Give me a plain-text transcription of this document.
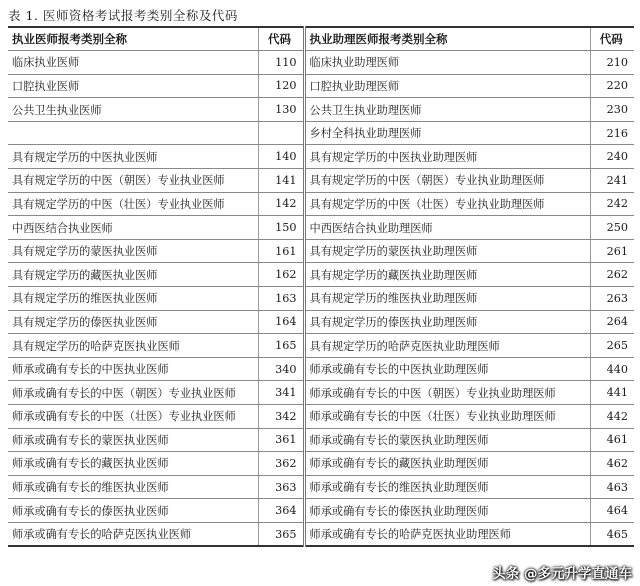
表 1. 医师资格考试报考类别全称及代码
执业医师报考类别全称	代码	执业助理医师报考类别全称	代码
临床执业医师	110	临床执业助理医师	210
口腔执业医师	120	口腔执业助理医师	220
公共卫生执业医师	130	公共卫生执业助理医师	230
		乡村全科执业助理医师	216
具有规定学历的中医执业医师	140	具有规定学历的中医执业助理医师	240
具有规定学历的中医（朝医）专业执业医师	141	具有规定学历的中医（朝医）专业执业助理医师	241
具有规定学历的中医（壮医）专业执业医师	142	具有规定学历的中医（壮医）专业执业助理医师	242
中西医结合执业医师	150	中西医结合执业助理医师	250
具有规定学历的蒙医执业医师	161	具有规定学历的蒙医执业助理医师	261
具有规定学历的藏医执业医师	162	具有规定学历的藏医执业助理医师	262
具有规定学历的维医执业医师	163	具有规定学历的维医执业助理医师	263
具有规定学历的傣医执业医师	164	具有规定学历的傣医执业助理医师	264
具有规定学历的哈萨克医执业医师	165	具有规定学历的哈萨克医执业助理医师	265
师承或确有专长的中医执业医师	340	师承或确有专长的中医执业助理医师	440
师承或确有专长的中医（朝医）专业执业医师	341	师承或确有专长的中医（朝医）专业执业助理医师	441
师承或确有专长的中医（壮医）专业执业医师	342	师承或确有专长的中医（壮医）专业执业助理医师	442
师承或确有专长的蒙医执业医师	361	师承或确有专长的蒙医执业助理医师	461
师承或确有专长的藏医执业医师	362	师承或确有专长的藏医执业助理医师	462
师承或确有专长的维医执业医师	363	师承或确有专长的维医执业助理医师	463
师承或确有专长的傣医执业医师	364	师承或确有专长的傣医执业助理医师	464
师承或确有专长的哈萨克医执业医师	365	师承或确有专长的哈萨克医执业助理医师	465
头条 @多元升学直通车
